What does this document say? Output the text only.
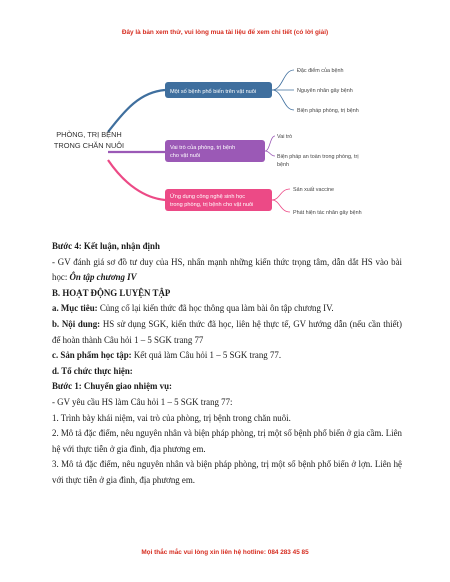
Đây là bản xem thử, vui lòng mua tài liệu để xem chi tiết (có lời giải)
PHÒNG, TRỊ BỆNH
TRONG CHĂN NUÔI
Một số bệnh phổ biến trên vật nuôi
Đặc điểm của bệnh
Nguyên nhân gây bệnh
Biện pháp phòng, trị bệnh
Vai trò của phòng, trị bệnh
cho vật nuôi
Vai trò
Biện pháp an toàn trong phòng, trị
bệnh
Ứng dụng công nghệ sinh học
trong phòng, trị bệnh cho vật nuôi
Sản xuất vaccine
Phát hiện tác nhân gây bệnh

Bước 4: Kết luận, nhận định

- GV đánh giá sơ đồ tư duy của HS, nhấn mạnh những kiến thức trọng tâm, dẫn dắt HS vào bài học: Ôn tập chương IV

B. HOẠT ĐỘNG LUYỆN TẬP

a. Mục tiêu: Củng cố lại kiến thức đã học thông qua làm bài ôn tập chương IV.

b. Nội dung: HS sử dụng SGK, kiến thức đã học, liên hệ thực tế, GV hướng dẫn (nếu cần thiết) để hoàn thành Câu hỏi 1 – 5 SGK trang 77

c. Sản phẩm học tập: Kết quả làm Câu hỏi 1 – 5 SGK trang 77.

d. Tổ chức thực hiện:

Bước 1: Chuyển giao nhiệm vụ:

- GV yêu cầu HS làm Câu hỏi 1 – 5 SGK trang 77:

1. Trình bày khái niệm, vai trò của phòng, trị bệnh trong chăn nuôi.

2. Mô tả đặc điểm, nêu nguyên nhân và biện pháp phòng, trị một số bệnh phổ biến ở gia cầm. Liên hệ với thực tiễn ở gia đình, địa phương em.

3. Mô tả đặc điểm, nêu nguyên nhân và biện pháp phòng, trị một số bệnh phổ biến ở lợn. Liên hệ với thực tiễn ở gia đình, địa phương em.

Mọi thắc mắc vui lòng xin liên hệ hotline: 084 283 45 85
